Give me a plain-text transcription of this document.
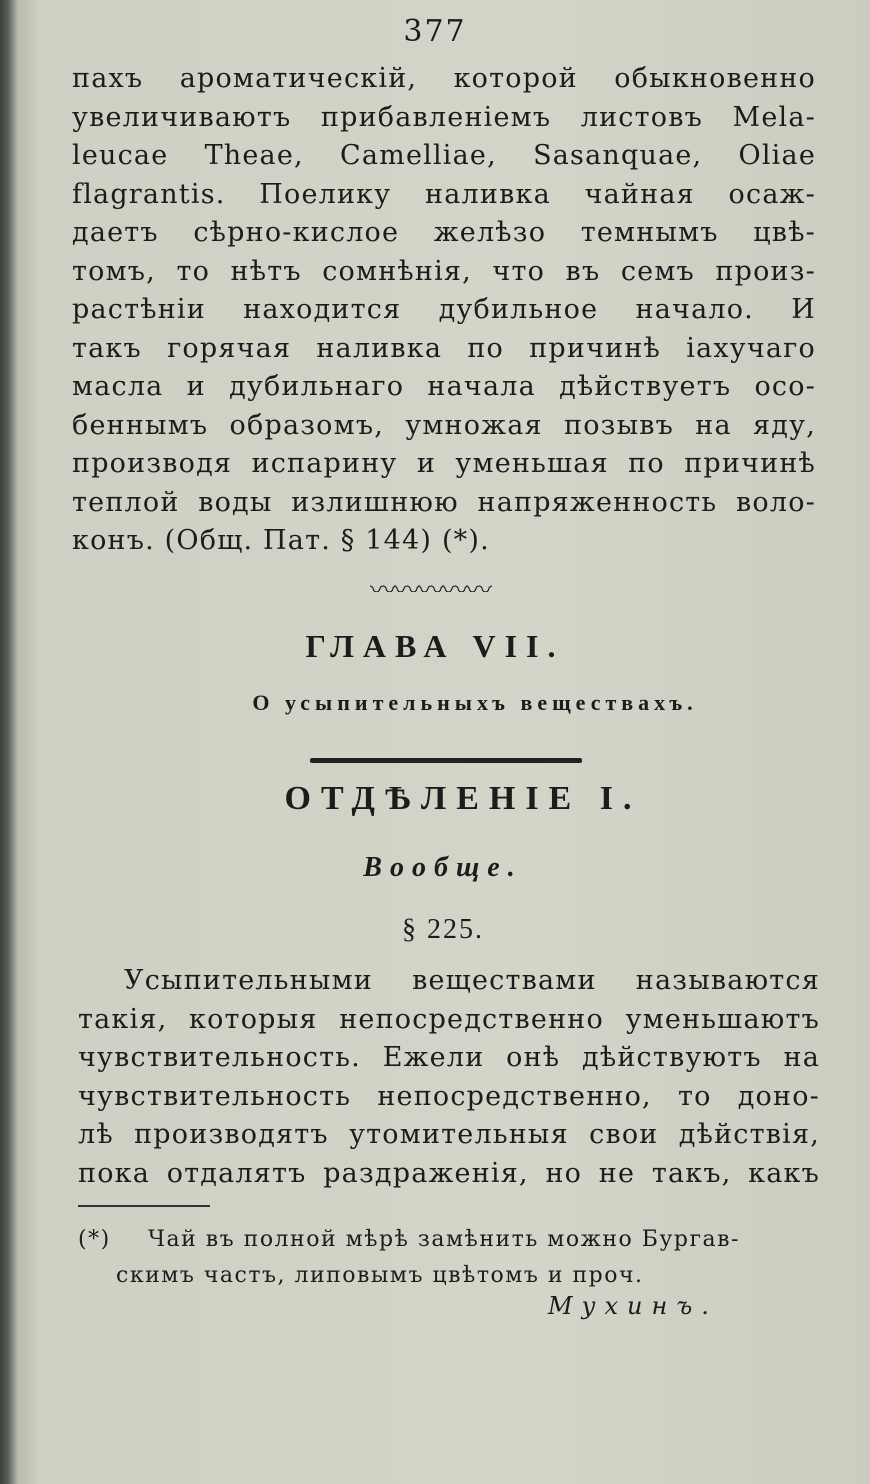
377
пахъ ароматическій, которой обыкновенно
увеличиваютъ прибавленіемъ листовъ Mela-
leucae Theae, Camelliae, Sasanquae, Oliae
flagrantis. Поелику наливка чайная осаж-
даетъ сѣрно-кислое желѣзо темнымъ цвѣ-
томъ, то нѣтъ сомнѣнія, что въ семъ произ-
растѣніи находится дубильное начало. И
такъ горячая наливка по причинѣ іахучаго
масла и дубильнаго начала дѣйствуетъ осо-
беннымъ образомъ, умножая позывъ на яду,
производя испарину и уменьшая по причинѣ
теплой воды излишнюю напряженность воло-
конъ. (Общ. Пат. § 144) (*).
〰〰〰〰〰
ГЛАВА VII.
О усыпительныхъ веществахъ.
ОТДѢЛЕНІЕ I.
Вообще.
§ 225.
Усыпительными веществами называются
такія, которыя непосредственно уменьшаютъ
чувствительность. Ежели онѣ дѣйствуютъ на
чувствительность непосредственно, то доно-
лѣ производятъ утомительныя свои дѣйствія,
пока отдалятъ раздраженія, но не такъ, какъ
(*) Чай въ полной мѣрѣ замѣнить можно Бургав-
скимъ частъ, липовымъ цвѣтомъ и проч.
Мухинъ.
